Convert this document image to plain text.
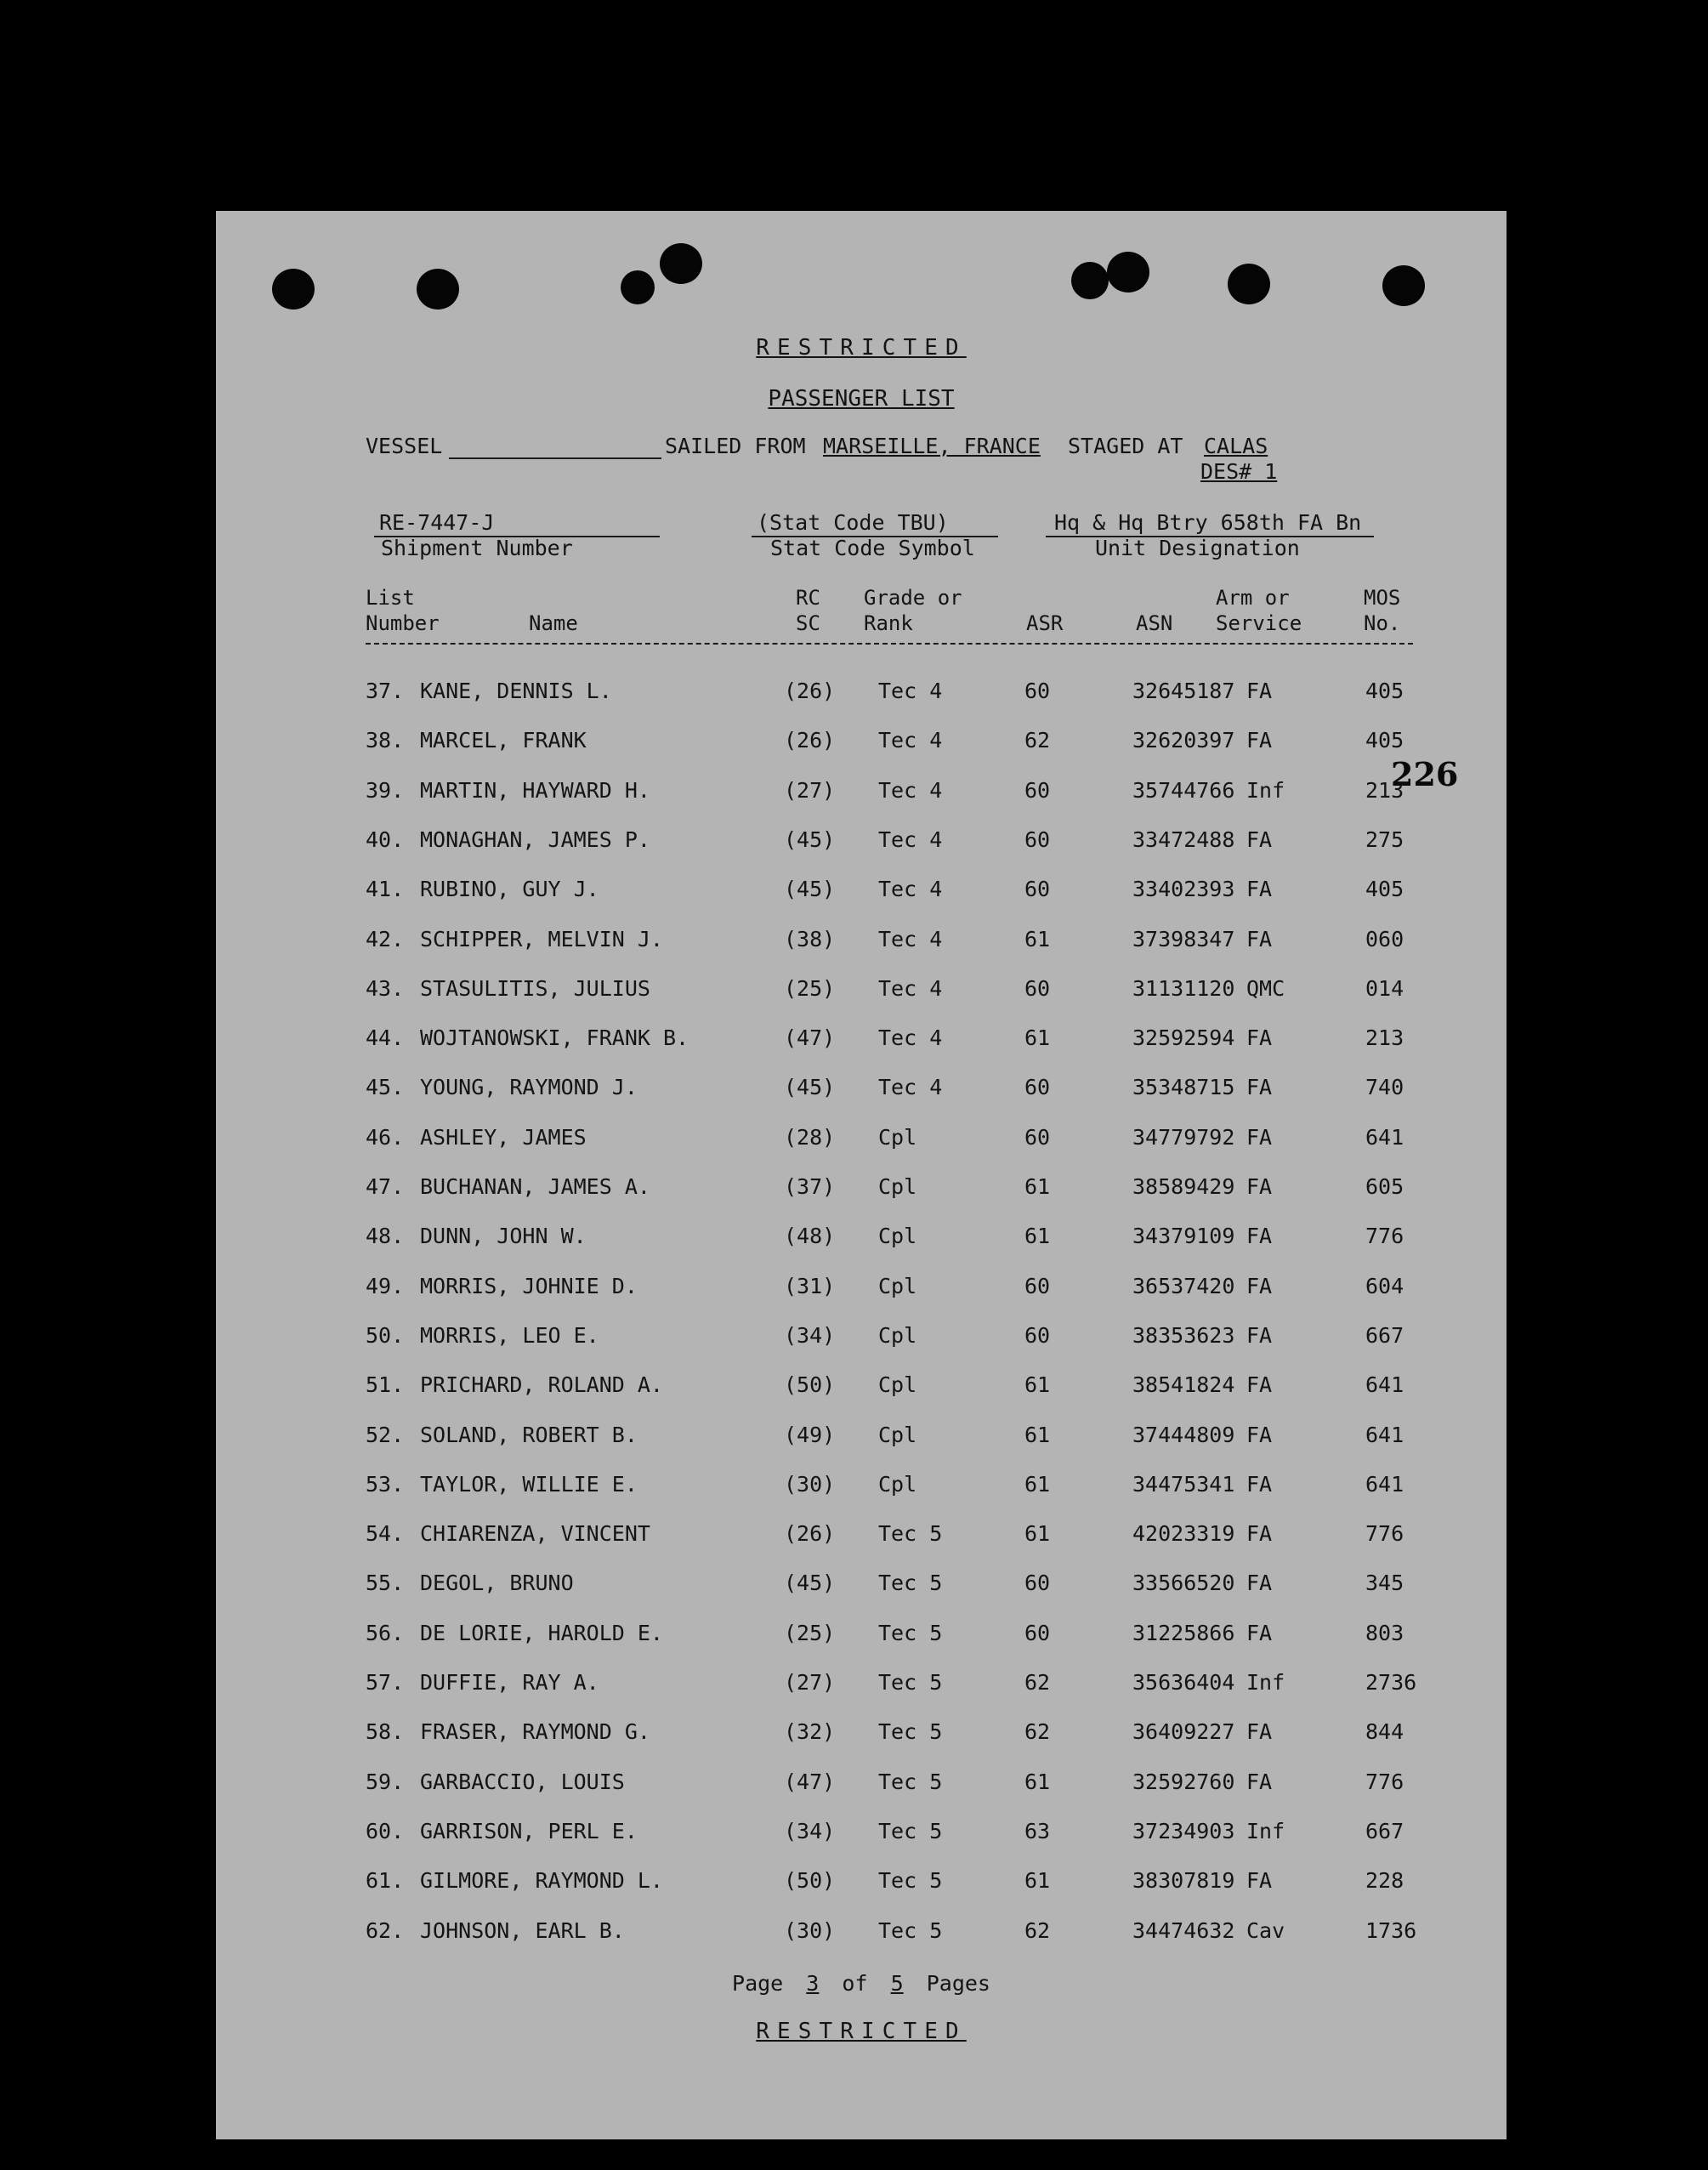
RESTRICTED
PASSENGER LIST
VESSEL	SAILED FROM MARSEILLE, FRANCE STAGED AT CALAS
DES# 1
RE-7447-J
Shipment Number
(Stat Code TBU)
Stat Code Symbol
Hq & Hq Btry 658th FA Bn
Unit Designation
List
Number	Name
RC
SC
Grade or
Rank	ASR	ASN
Arm or
Service
MOS
No.
37. KANE, DENNIS L.	(26) Tec 4	60	32645187 FA	405
38. MARCEL, FRANK	(26) Tec 4	62	32620397 FA	405
39. MARTIN, HAYWARD H.	(27) Tec 4	60	35744766 Inf	213
40. MONAGHAN, JAMES P.	(45) Tec 4	60	33472488 FA	275
41. RUBINO, GUY J.	(45) Tec 4	60	33402393 FA	405
42. SCHIPPER, MELVIN J.	(38) Tec 4	61	37398347 FA	060
43. STASULITIS, JULIUS	(25) Tec 4	60	31131120 QMC	014
44. WOJTANOWSKI, FRANK B.	(47) Tec 4	61	32592594 FA	213
45. YOUNG, RAYMOND J.	(45) Tec 4	60	35348715 FA	740
46. ASHLEY, JAMES	(28) Cpl	60	34779792 FA	641
47. BUCHANAN, JAMES A.	(37) Cpl	61	38589429 FA	605
48. DUNN, JOHN W.	(48) Cpl	61	34379109 FA	776
49. MORRIS, JOHNIE D.	(31) Cpl	60	36537420 FA	604
50. MORRIS, LEO E.	(34) Cpl	60	38353623 FA	667
51. PRICHARD, ROLAND A.	(50) Cpl	61	38541824 FA	641
52. SOLAND, ROBERT B.	(49) Cpl	61	37444809 FA	641
53. TAYLOR, WILLIE E.	(30) Cpl	61	34475341 FA	641
54. CHIARENZA, VINCENT	(26) Tec 5	61	42023319 FA	776
55. DEGOL, BRUNO	(45) Tec 5	60	33566520 FA	345
56. DE LORIE, HAROLD E.	(25) Tec 5	60	31225866 FA	803
57. DUFFIE, RAY A.	(27) Tec 5	62	35636404 Inf	2736
58. FRASER, RAYMOND G.	(32) Tec 5	62	36409227 FA	844
59. GARBACCIO, LOUIS	(47) Tec 5	61	32592760 FA	776
60. GARRISON, PERL E.	(34) Tec 5	63	37234903 Inf	667
61. GILMORE, RAYMOND L.	(50) Tec 5	61	38307819 FA	228
62. JOHNSON, EARL B.	(30) Tec 5	62	34474632 Cav	1736
226
Page 3 of 5 Pages
RESTRICTED
